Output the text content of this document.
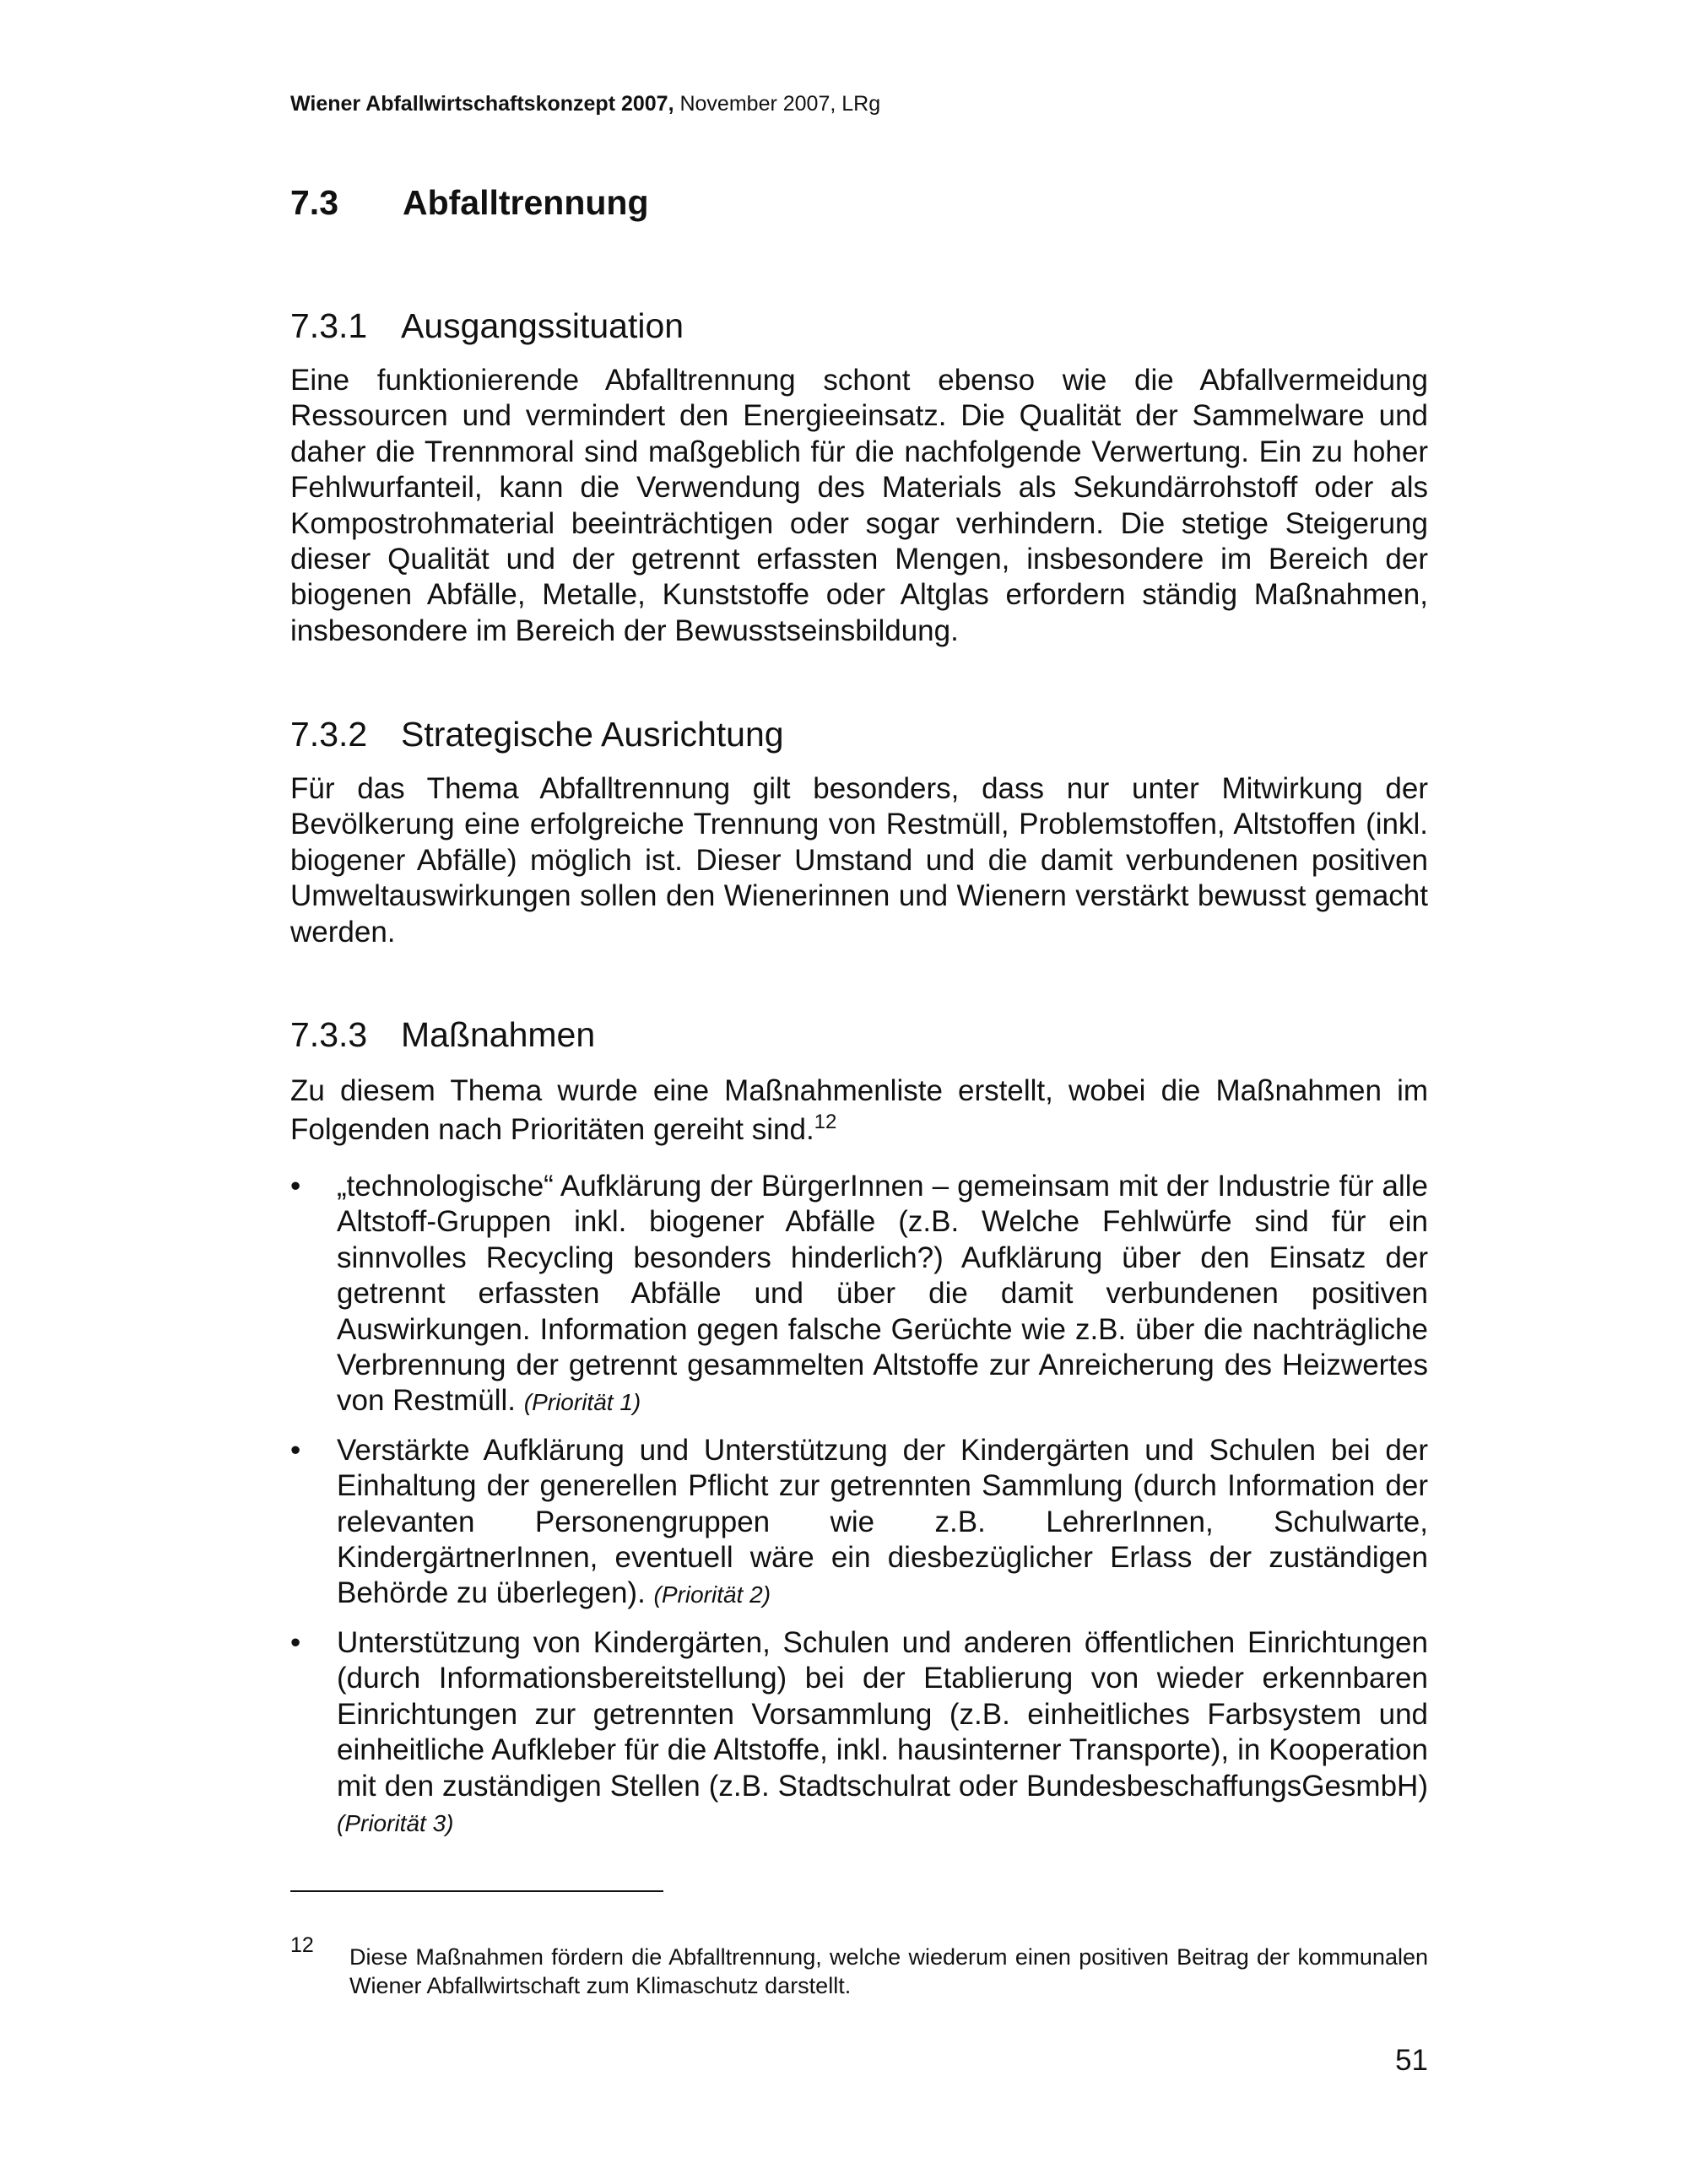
Wiener Abfallwirtschaftskonzept 2007, November 2007, LRg
7.3 Abfalltrennung
7.3.1 Ausgangssituation
Eine funktionierende Abfalltrennung schont ebenso wie die Abfallvermeidung Ressourcen und vermindert den Energieeinsatz. Die Qualität der Sammelware und daher die Trennmoral sind maßgeblich für die nachfolgende Verwertung. Ein zu hoher Fehlwurfanteil, kann die Verwendung des Materials als Sekundärrohstoff oder als Kompostrohmaterial beeinträchtigen oder sogar verhindern. Die stetige Steigerung dieser Qualität und der getrennt erfassten Mengen, insbesondere im Bereich der biogenen Abfälle, Metalle, Kunststoffe oder Altglas erfordern ständig Maßnahmen, insbesondere im Bereich der Bewusstseinsbildung.
7.3.2 Strategische Ausrichtung
Für das Thema Abfalltrennung gilt besonders, dass nur unter Mitwirkung der Bevölkerung eine erfolgreiche Trennung von Restmüll, Problemstoffen, Altstoffen (inkl. biogener Abfälle) möglich ist. Dieser Umstand und die damit verbundenen positiven Umweltauswirkungen sollen den Wienerinnen und Wienern verstärkt bewusst gemacht werden.
7.3.3 Maßnahmen
Zu diesem Thema wurde eine Maßnahmenliste erstellt, wobei die Maßnahmen im Folgenden nach Prioritäten gereiht sind.$^{12}$
•	„technologische“ Aufklärung der BürgerInnen – gemeinsam mit der Industrie für alle Altstoff-Gruppen inkl. biogener Abfälle (z.B. Welche Fehlwürfe sind für ein sinnvolles Recycling besonders hinderlich?) Aufklärung über den Einsatz der getrennt erfassten Abfälle und über die damit verbundenen positiven Auswirkungen. Information gegen falsche Gerüchte wie z.B. über die nachträgliche Verbrennung der getrennt gesammelten Altstoffe zur Anreicherung des Heizwertes von Restmüll. (Priorität 1)
•	Verstärkte Aufklärung und Unterstützung der Kindergärten und Schulen bei der Einhaltung der generellen Pflicht zur getrennten Sammlung (durch Information der relevanten Personengruppen wie z.B. LehrerInnen, Schulwarte, KindergärtnerInnen, eventuell wäre ein diesbezüglicher Erlass der zuständigen Behörde zu überlegen). (Priorität 2)
•	Unterstützung von Kindergärten, Schulen und anderen öffentlichen Einrichtungen (durch Informationsbereitstellung) bei der Etablierung von wieder erkennbaren Einrichtungen zur getrennten Vorsammlung (z.B. einheitliches Farbsystem und einheitliche Aufkleber für die Altstoffe, inkl. hausinterner Transporte), in Kooperation mit den zuständigen Stellen (z.B. Stadtschulrat oder BundesbeschaffungsGesmbH) (Priorität 3)
12 Diese Maßnahmen fördern die Abfalltrennung, welche wiederum einen positiven Beitrag der kommunalen Wiener Abfallwirtschaft zum Klimaschutz darstellt.
51
